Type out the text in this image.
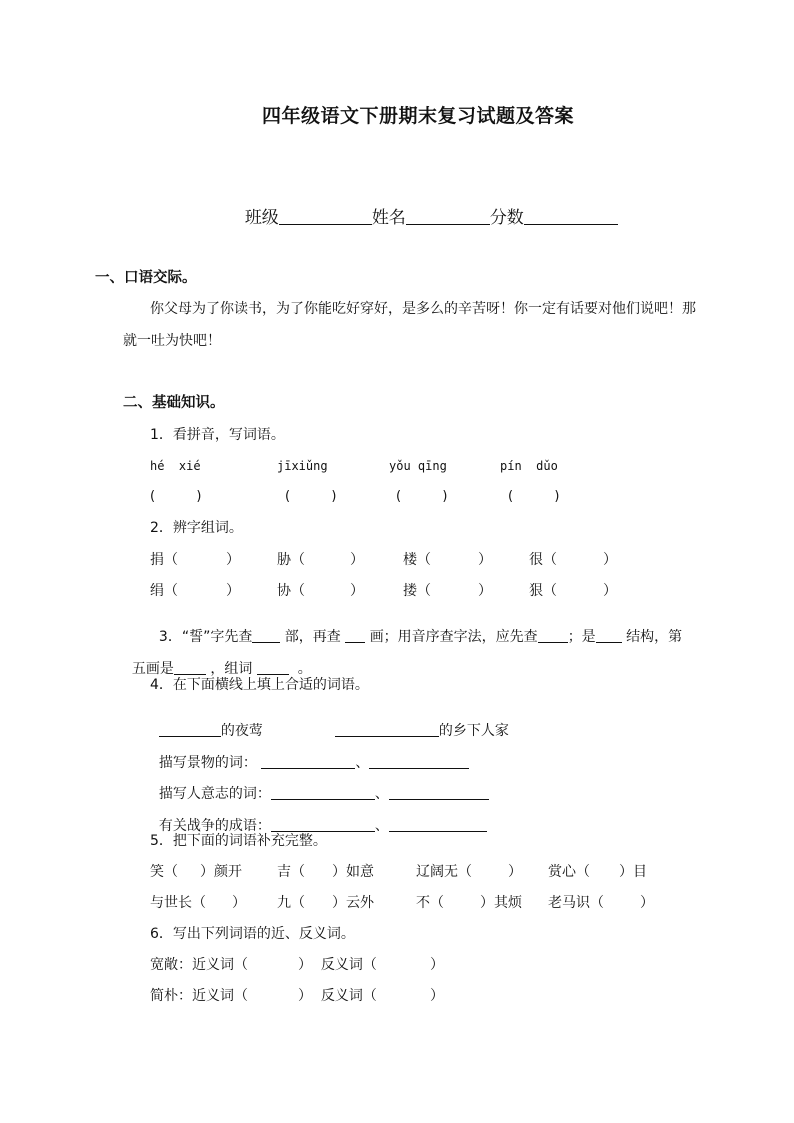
四年级语文下册期末复习试题及答案

班级	姓名	分数

一、口语交际。
你父母为了你读书，为了你能吃好穿好，是多么的辛苦呀！你一定有话要对他们说吧！那
就一吐为快吧！
二、基础知识。
1．看拼音，写词语。
hé  xié	jīxiǔng	yǒu qīng	pín  dǔo
(          )	(          )	(          )	(          )
2．辨字组词。
捐（	）	胁（	）	楼（	）	很（	）
绢（	）	协（	）	搂（	）	狠（	）

3．“誓”字先查 部，再查 画；用音序查字法，应先查 ；是 结构，第

五画是	，组词	。

4．在下面横线上填上合适的词语。

的夜莺	的乡下人家

描写景物的词：	、

描写人意志的词：	、

有关战争的成语：	、

5．把下面的词语补充完整。
笑（ ）颜开	吉（ ）如意	辽阔无（	） 赏心（ ）目
与世长（ ） 九（ ）云外	不（	）其烦 老马识（	）
6．写出下列词语的近、反义词。
宽敞：近义词（	）  反义词（	）
简朴：近义词（	）  反义词（	）
